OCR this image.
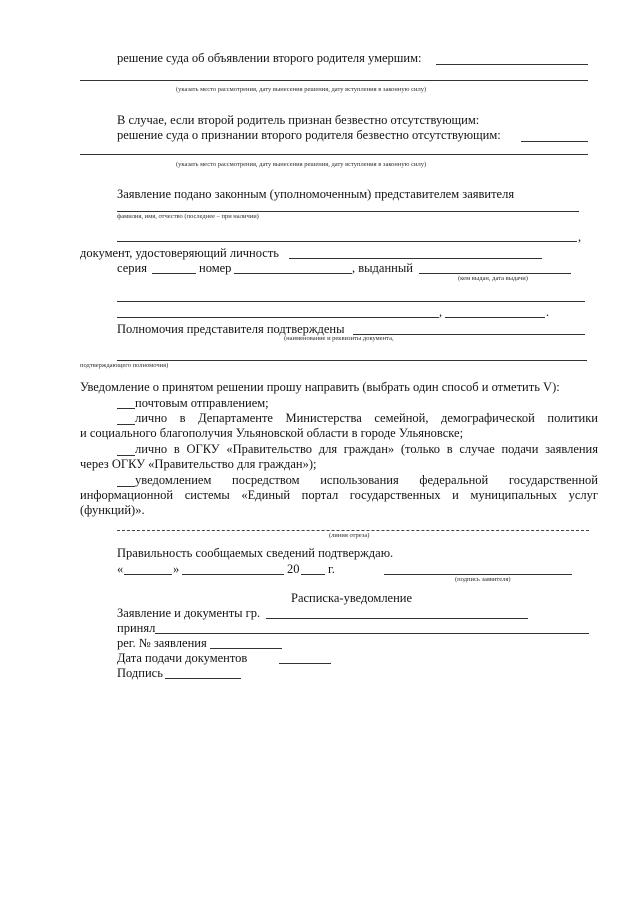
решение суда об объявлении второго родителя умершим:
(указать место рассмотрения, дату вынесения решения, дату вступления в законную силу)
В случае, если второй родитель признан безвестно отсутствующим:
решение суда о признании второго родителя безвестно отсутствующим:
(указать место рассмотрения, дату вынесения решения, дату вступления в законную силу)
Заявление подано законным (уполномоченным) представителем заявителя
фамилия, имя, отчество (последнее – при наличии)
,
документ, удостоверяющий личность
серия	номер	, выданный
(кем выдан, дата выдачи)
,	.
Полномочия представителя подтверждены
(наименование и реквизиты документа,
подтверждающего полномочия)
Уведомление о принятом решении прошу направить (выбрать один способ и отметить V):
почтовым отправлением;
лично в Департаменте Министерства семейной, демографической политики
и социального благополучия Ульяновской области в городе Ульяновске;
лично в ОГКУ «Правительство для граждан» (только в случае подачи заявления
через ОГКУ «Правительство для граждан»);
уведомлением посредством использования федеральной государственной
информационной системы «Единый портал государственных и муниципальных услуг
(функций)».
(линия отреза)
Правильность сообщаемых сведений подтверждаю.
«	»	20 г.
(подпись заявителя)
Расписка-уведомление
Заявление и документы гр.
принял
рег. № заявления
Дата подачи документов
Подпись
